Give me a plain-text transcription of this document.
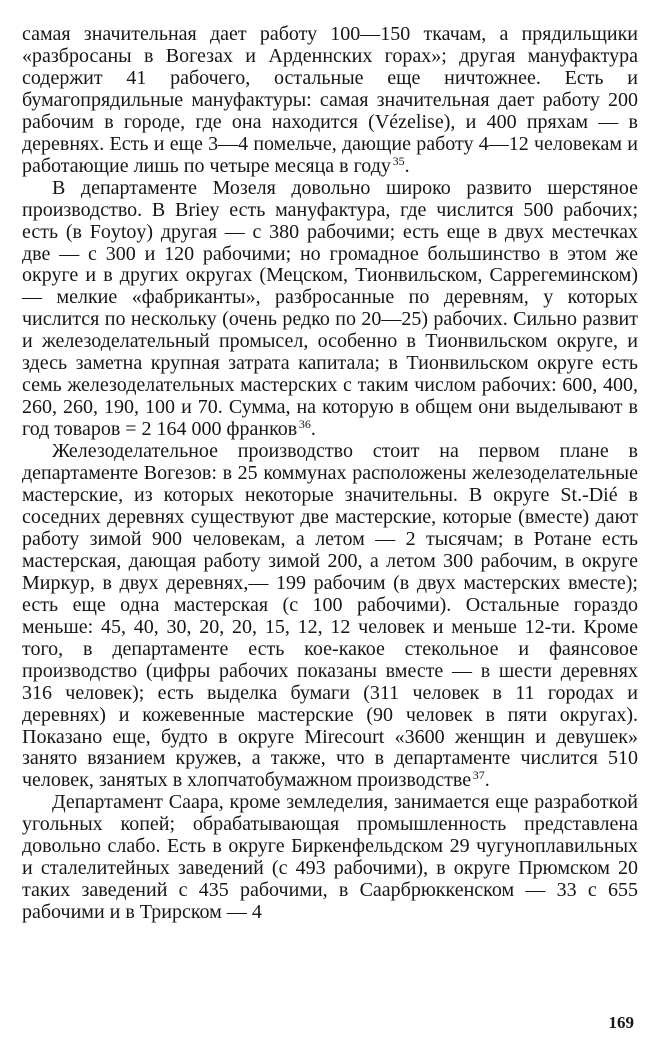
самая значительная дает работу 100—150 ткачам, а прядильщики «разбросаны в Вогезах и Арденнских горах»; другая мануфактура содержит 41 рабочего, остальные еще ничтожнее. Есть и бумагопрядильные мануфактуры: самая значительная дает работу 200 рабочим в городе, где она находится (Vézelise), и 400 пряхам — в деревнях. Есть и еще 3—4 помельче, дающие работу 4—12 человекам и работающие лишь по четыре месяца в году  $^{35}$.

В департаменте Мозеля довольно широко развито шерстяное производство. В Briey есть мануфактура, где числится 500 рабочих; есть (в Foytoy) другая — с 380 рабочими; есть еще в двух местечках две — с 300 и 120 рабочими; но громадное большинство в этом же округе и в других округах (Мецском, Тионвильском, Саррегеминском) — мелкие «фабриканты», разбросанные по деревням, у которых числится по нескольку (очень редко по 20—25) рабочих. Сильно развит и железоделательный промысел, особенно в Тионвильском округе, и здесь заметна крупная затрата капитала; в Тионвильском округе есть семь железоделательных мастерских с таким числом рабочих: 600, 400, 260, 260, 190, 100 и 70. Сумма, на которую в общем они выделывают в год товаров = 2 164 000 франков  $^{36}$.

Железоделательное производство стоит на первом плане в департаменте Вогезов: в 25 коммунах расположены железоделательные мастерские, из которых некоторые значительны. В округе St.-Dié в соседних деревнях существуют две мастерские, которые (вместе) дают работу зимой 900 человекам, а летом — 2 тысячам; в Ротане есть мастерская, дающая работу зимой 200, а летом 300 рабочим, в округе Миркур, в двух деревнях,— 199 рабочим (в двух мастерских вместе); есть еще одна мастерская (с 100 рабочими). Остальные гораздо меньше: 45, 40, 30, 20, 20, 15, 12, 12 человек и меньше 12-ти. Кроме того, в департаменте есть кое-какое стекольное и фаянсовое производство (цифры рабочих показаны вместе — в шести деревнях 316 человек); есть выделка бумаги (311 человек в 11 городах и деревнях) и кожевенные мастерские (90 человек в пяти округах). Показано еще, будто в округе Mirecourt «3600 женщин и девушек» занято вязанием кружев, а также, что в департаменте числится 510 человек, занятых в хлопчатобумажном производстве  $^{37}$.

Департамент Саара, кроме земледелия, занимается еще разработкой угольных копей; обрабатывающая промышленность представлена довольно слабо. Есть в округе Биркенфельдском 29 чугуноплавильных и сталелитейных заведений (с 493 рабочими), в округе Прюмском 20 таких заведений с 435 рабочими, в Саарбрюккенском — 33 с 655 рабочими и в Трирском — 4

169
